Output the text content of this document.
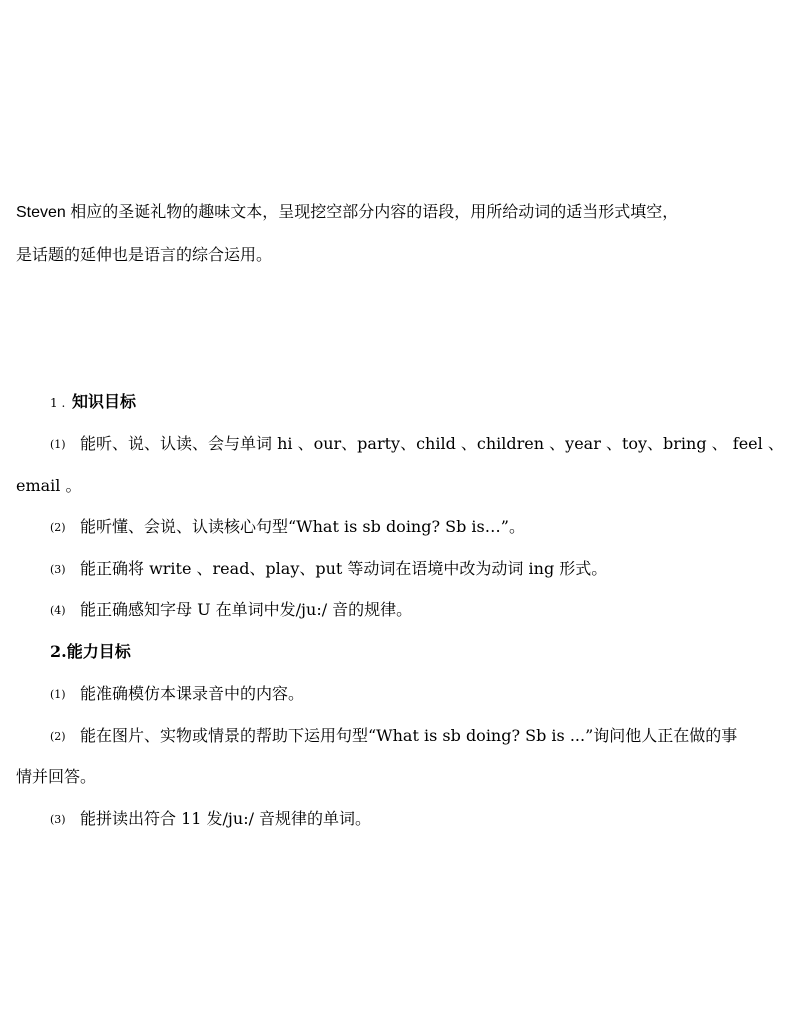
Steven 相应的圣诞礼物的趣味文本，呈现挖空部分内容的语段，用所给动词的适当形式填空，
是话题的延伸也是语言的综合运用。
1 . 知识目标
(1) 能听、说、认读、会与单词 hi 、our、party、child 、children 、year 、toy、bring 、 feel 、
email 。
(2) 能听懂、会说、认读核心句型“What is sb doing? Sb is…”。
(3) 能正确将 write 、read、play、put 等动词在语境中改为动词 ing 形式。
(4) 能正确感知字母 U 在单词中发/ju:/ 音的规律。
2.能力目标
(1) 能准确模仿本课录音中的内容。
(2) 能在图片、实物或情景的帮助下运用句型“What is sb doing? Sb is ...”询问他人正在做的事
情并回答。
(3) 能拼读出符合 11 发/ju:/ 音规律的单词。
